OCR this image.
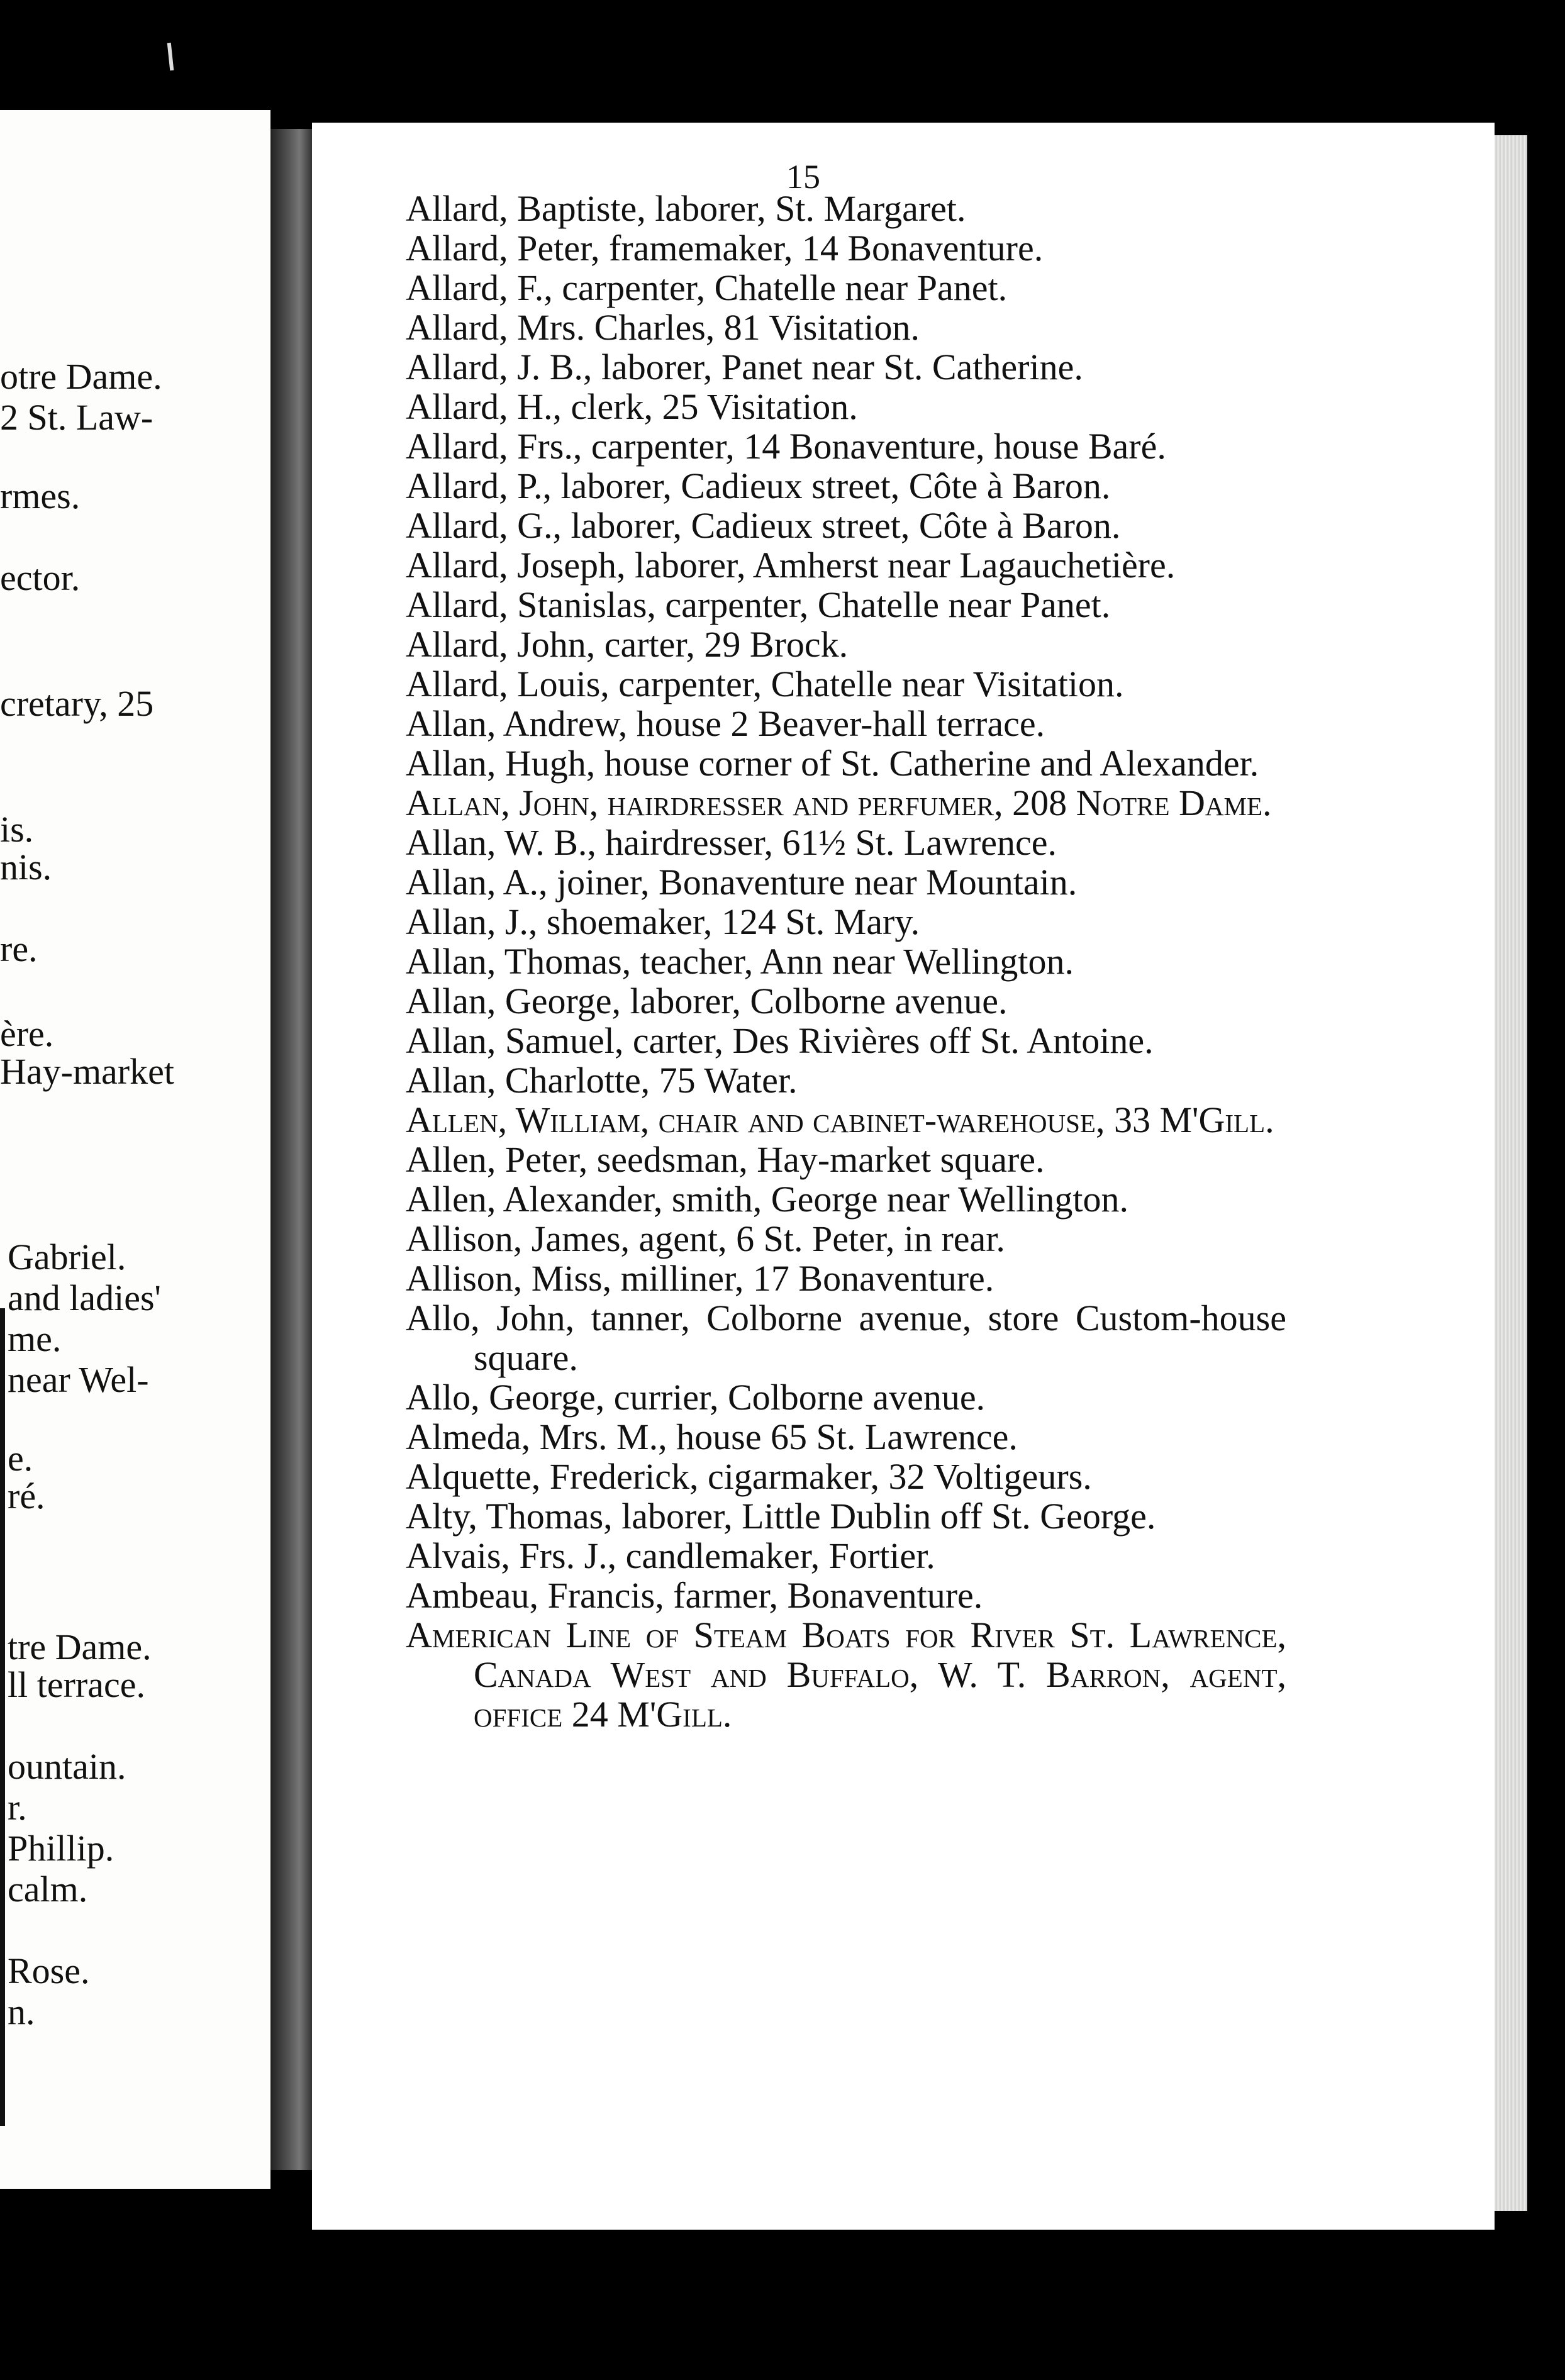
otre Dame.
2 St. Law-
rmes.
ector.
cretary, 25
is.
nis.
re.
ère.
Hay-market
Gabriel.
and ladies'
me.
near Wel-
e.
ré.
tre Dame.
ll terrace.
ountain.
r.
Phillip.
calm.
Rose.
n.
15
Allard, Baptiste, laborer, St. Margaret.
Allard, Peter, framemaker, 14 Bonaventure.
Allard, F., carpenter, Chatelle near Panet.
Allard, Mrs. Charles, 81 Visitation.
Allard, J. B., laborer, Panet near St. Catherine.
Allard, H., clerk, 25 Visitation.
Allard, Frs., carpenter, 14 Bonaventure, house Baré.
Allard, P., laborer, Cadieux street, Côte à Baron.
Allard, G., laborer, Cadieux street, Côte à Baron.
Allard, Joseph, laborer, Amherst near Lagauchetière.
Allard, Stanislas, carpenter, Chatelle near Panet.
Allard, John, carter, 29 Brock.
Allard, Louis, carpenter, Chatelle near Visitation.
Allan, Andrew, house 2 Beaver-hall terrace.
Allan, Hugh, house corner of St. Catherine and Alexander.
Allan, John, hairdresser and perfumer, 208 Notre Dame.
Allan, W. B., hairdresser, 61½ St. Lawrence.
Allan, A., joiner, Bonaventure near Mountain.
Allan, J., shoemaker, 124 St. Mary.
Allan, Thomas, teacher, Ann near Wellington.
Allan, George, laborer, Colborne avenue.
Allan, Samuel, carter, Des Rivières off St. Antoine.
Allan, Charlotte, 75 Water.
Allen, William, chair and cabinet-warehouse, 33 M'Gill.
Allen, Peter, seedsman, Hay-market square.
Allen, Alexander, smith, George near Wellington.
Allison, James, agent, 6 St. Peter, in rear.
Allison, Miss, milliner, 17 Bonaventure.
Allo, John, tanner, Colborne avenue, store Custom-house square.
Allo, George, currier, Colborne avenue.
Almeda, Mrs. M., house 65 St. Lawrence.
Alquette, Frederick, cigarmaker, 32 Voltigeurs.
Alty, Thomas, laborer, Little Dublin off St. George.
Alvais, Frs. J., candlemaker, Fortier.
Ambeau, Francis, farmer, Bonaventure.
American Line of Steam Boats for River St. Lawrence, Canada West and Buffalo, W. T. Barron, agent, office 24 M'Gill.
